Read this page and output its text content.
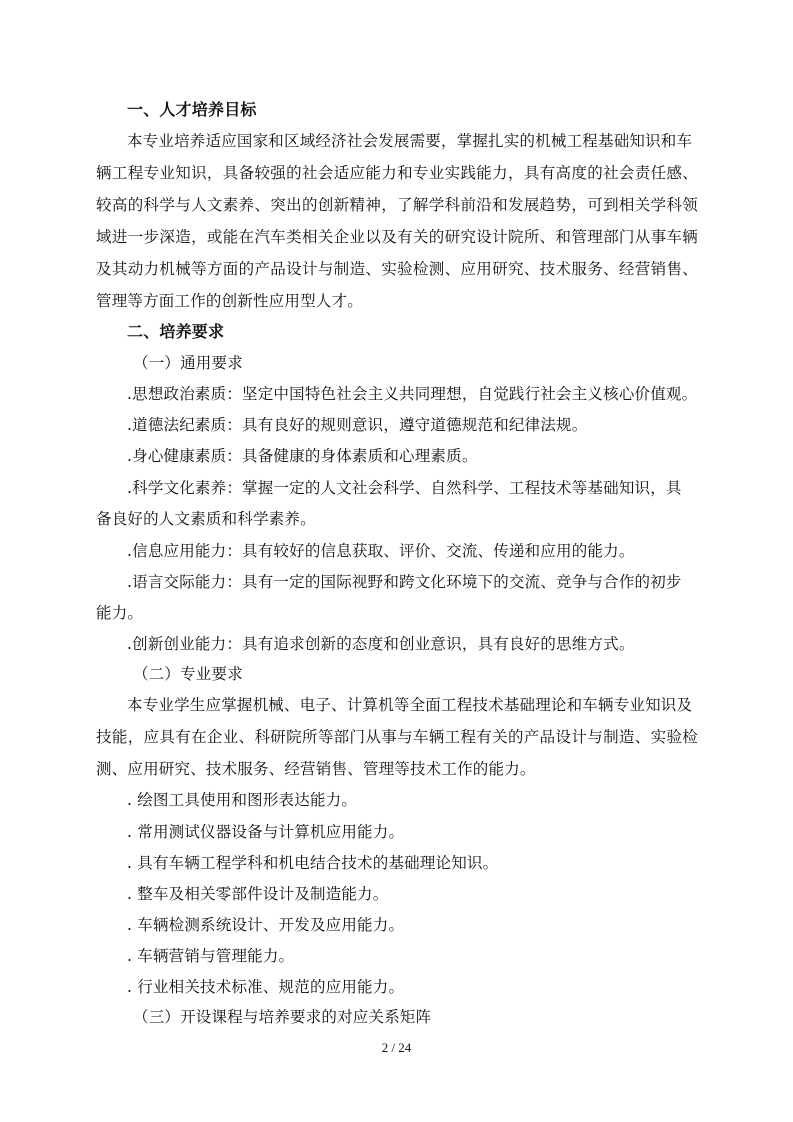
一、人才培养目标
本专业培养适应国家和区域经济社会发展需要，掌握扎实的机械工程基础知识和车
辆工程专业知识，具备较强的社会适应能力和专业实践能力，具有高度的社会责任感、
较高的科学与人文素养、突出的创新精神，了解学科前沿和发展趋势，可到相关学科领
域进一步深造，或能在汽车类相关企业以及有关的研究设计院所、和管理部门从事车辆
及其动力机械等方面的产品设计与制造、实验检测、应用研究、技术服务、经营销售、
管理等方面工作的创新性应用型人才。
二、培养要求
（一）通用要求
.思想政治素质：坚定中国特色社会主义共同理想，自觉践行社会主义核心价值观。
.道德法纪素质：具有良好的规则意识，遵守道德规范和纪律法规。
.身心健康素质：具备健康的身体素质和心理素质。
.科学文化素养：掌握一定的人文社会科学、自然科学、工程技术等基础知识，具
备良好的人文素质和科学素养。
.信息应用能力：具有较好的信息获取、评价、交流、传递和应用的能力。
.语言交际能力：具有一定的国际视野和跨文化环境下的交流、竞争与合作的初步
能力。
.创新创业能力：具有追求创新的态度和创业意识，具有良好的思维方式。
（二）专业要求
本专业学生应掌握机械、电子、计算机等全面工程技术基础理论和车辆专业知识及
技能，应具有在企业、科研院所等部门从事与车辆工程有关的产品设计与制造、实验检
测、应用研究、技术服务、经营销售、管理等技术工作的能力。
. 绘图工具使用和图形表达能力。
. 常用测试仪器设备与计算机应用能力。
. 具有车辆工程学科和机电结合技术的基础理论知识。
. 整车及相关零部件设计及制造能力。
. 车辆检测系统设计、开发及应用能力。
. 车辆营销与管理能力。
. 行业相关技术标准、规范的应用能力。
（三）开设课程与培养要求的对应关系矩阵
2 / 24
